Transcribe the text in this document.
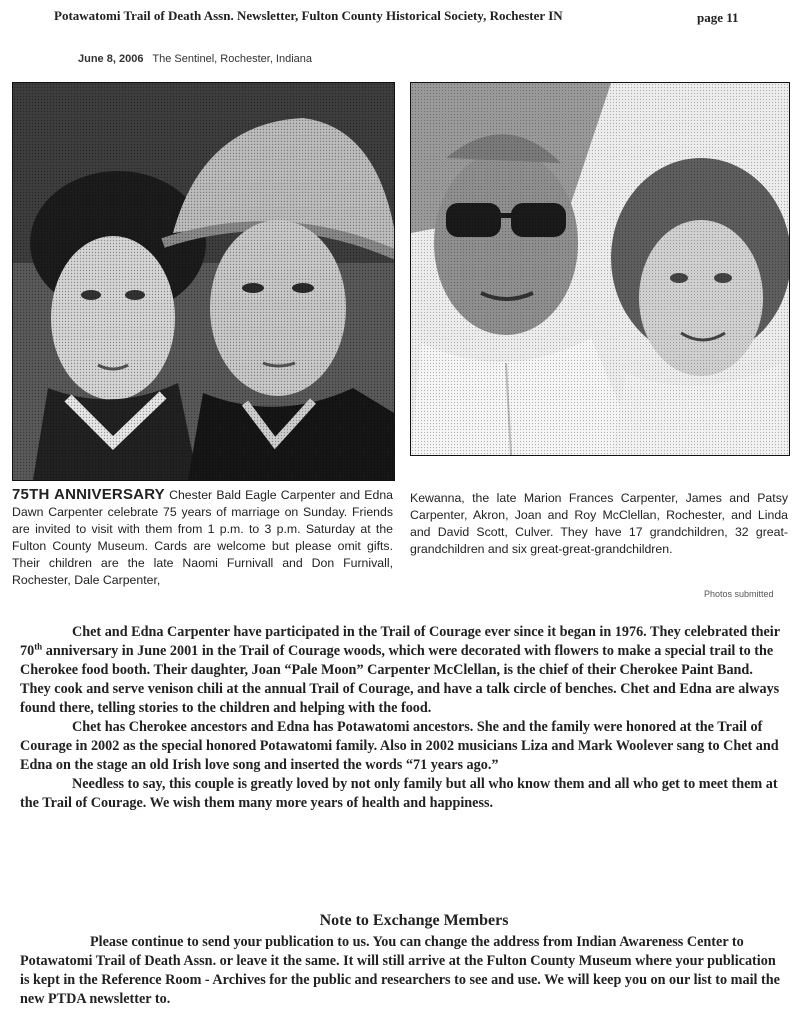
Potawatomi Trail of Death Assn. Newsletter, Fulton County Historical Society, Rochester IN	page 11
June 8, 2006 The Sentinel, Rochester, Indiana
75TH ANNIVERSARY Chester Bald Eagle Carpenter and Edna Dawn Carpenter celebrate 75 years of marriage on Sunday. Friends are invited to visit with them from 1 p.m. to 3 p.m. Saturday at the Fulton County Museum. Cards are welcome but please omit gifts. Their children are the late Naomi Furnivall and Don Furnivall, Rochester, Dale Carpenter,
Kewanna, the late Marion Frances Carpenter, James and Patsy Carpenter, Akron, Joan and Roy McClellan, Rochester, and Linda and David Scott, Culver. They have 17 grandchildren, 32 great-grandchildren and six great-great-grandchildren.
Photos submitted

Chet and Edna Carpenter have participated in the Trail of Courage ever since it began in 1976. They celebrated their 70th anniversary in June 2001 in the Trail of Courage woods, which were decorated with flowers to make a special trail to the Cherokee food booth. Their daughter, Joan “Pale Moon” Carpenter McClellan, is the chief of their Cherokee Paint Band. They cook and serve venison chili at the annual Trail of Courage, and have a talk circle of benches. Chet and Edna are always found there, telling stories to the children and helping with the food.

Chet has Cherokee ancestors and Edna has Potawatomi ancestors. She and the family were honored at the Trail of Courage in 2002 as the special honored Potawatomi family. Also in 2002 musicians Liza and Mark Woolever sang to Chet and Edna on the stage an old Irish love song and inserted the words “71 years ago.”

Needless to say, this couple is greatly loved by not only family but all who know them and all who get to meet them at the Trail of Courage. We wish them many more years of health and happiness.

Note to Exchange Members
Please continue to send your publication to us. You can change the address from Indian Awareness Center to Potawatomi Trail of Death Assn. or leave it the same. It will still arrive at the Fulton County Museum where your publication is kept in the Reference Room - Archives for the public and researchers to see and use. We will keep you on our list to mail the new PTDA newsletter to.
